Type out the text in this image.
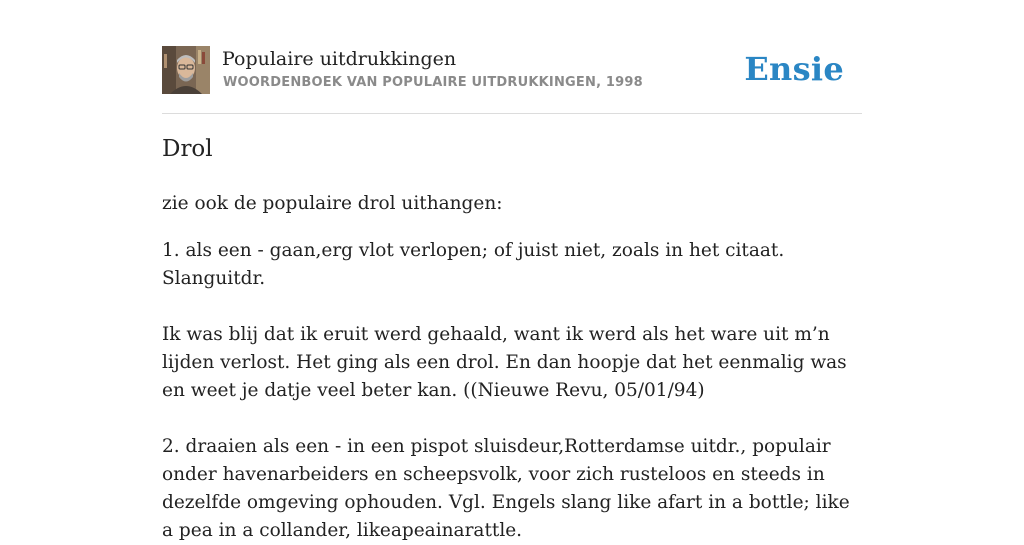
Populaire uitdrukkingen
WOORDENBOEK VAN POPULAIRE UITDRUKKINGEN, 1998	Ensie
Drol

zie ook de populaire drol uithangen:

1. als een - gaan,erg vlot verlopen; of juist niet, zoals in het citaat. Slanguitdr.

Ik was blij dat ik eruit werd gehaald, want ik werd als het ware uit m’n lijden verlost. Het ging als een drol. En dan hoopje dat het eenmalig was en weet je datje veel beter kan. ((Nieuwe Revu, 05/01/94)

2. draaien als een - in een pispot sluisdeur,Rotterdamse uitdr., populair onder havenarbeiders en scheepsvolk, voor zich rusteloos en steeds in dezelfde omgeving ophouden. Vgl. Engels slang like afart in a bottle; like a pea in a collander, likeapeainarattle.
